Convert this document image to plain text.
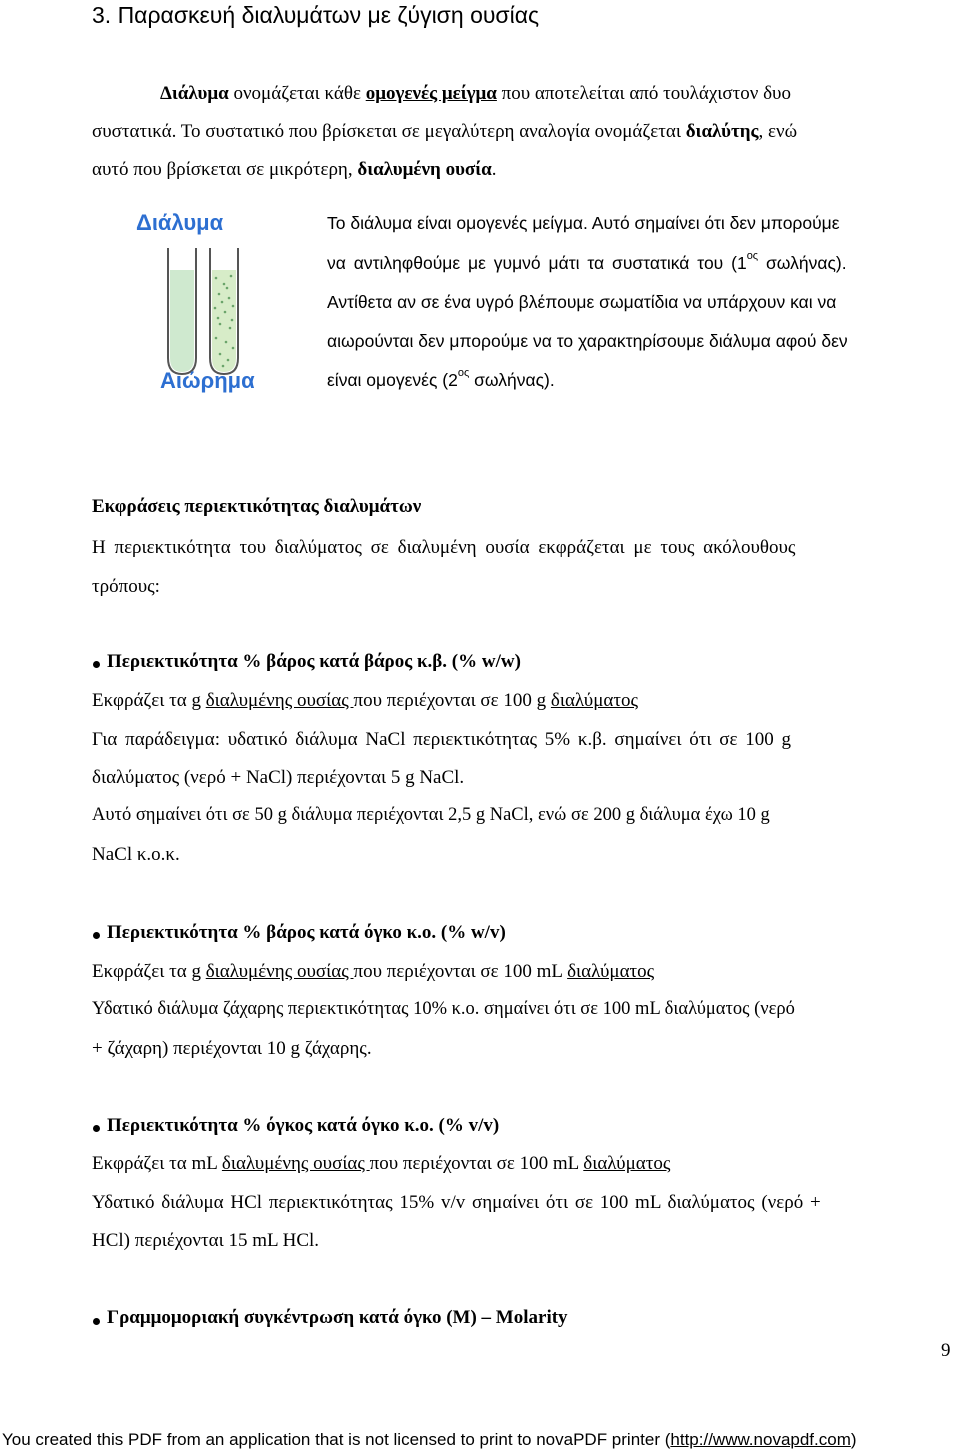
3. Παρασκευή διαλυμάτων με ζύγιση ουσίας
Διάλυμα ονομάζεται κάθε ομογενές μείγμα που αποτελείται από τουλάχιστον δυο
συστατικά. Το συστατικό που βρίσκεται σε μεγαλύτερη αναλογία ονομάζεται διαλύτης, ενώ
αυτό που βρίσκεται σε μικρότερη, διαλυμένη ουσία.
Διάλυμα
Αιώρημα
Το διάλυμα είναι ομογενές μείγμα. Αυτό σημαίνει ότι δεν μπορούμε
να αντιληφθούμε με γυμνό μάτι τα συστατικά του ($1^{o\varsigma}$ σωλήνας).
Αντίθετα αν σε ένα υγρό βλέπουμε σωματίδια να υπάρχουν και να
αιωρούνται δεν μπορούμε να το χαρακτηρίσουμε διάλυμα αφού δεν
είναι ομογενές ($2^{o\varsigma}$ σωλήνας).
Εκφράσεις περιεκτικότητας διαλυμάτων
Η περιεκτικότητα του διαλύματος σε διαλυμένη ουσία εκφράζεται με τους ακόλουθους
τρόπους:
Περιεκτικότητα % βάρος κατά βάρος κ.β. (% w/w)
Εκφράζει τα g διαλυμένης ουσίας που περιέχονται σε 100 g διαλύματος
Για παράδειγμα: υδατικό διάλυμα NaCl περιεκτικότητας 5% κ.β. σημαίνει ότι σε 100 g
διαλύματος (νερό + NaCl) περιέχονται 5 g NaCl.
Αυτό σημαίνει ότι σε 50 g διάλυμα περιέχονται 2,5 g NaCl, ενώ σε 200 g διάλυμα έχω 10 g
NaCl κ.ο.κ.
Περιεκτικότητα % βάρος κατά όγκο κ.ο. (% w/v)
Εκφράζει τα g διαλυμένης ουσίας που περιέχονται σε 100 mL διαλύματος
Υδατικό διάλυμα ζάχαρης περιεκτικότητας 10% κ.ο. σημαίνει ότι σε 100 mL διαλύματος (νερό
+ ζάχαρη) περιέχονται 10 g ζάχαρης.
Περιεκτικότητα % όγκος κατά όγκο κ.ο. (% v/v)
Εκφράζει τα mL διαλυμένης ουσίας που περιέχονται σε 100 mL διαλύματος
Υδατικό διάλυμα HCl περιεκτικότητας 15% v/v σημαίνει ότι σε 100 mL διαλύματος (νερό +
HCl) περιέχονται 15 mL HCl.
Γραμμομοριακή συγκέντρωση κατά όγκο (Μ) – Molarity
9
You created this PDF from an application that is not licensed to print to novaPDF printer (http://www.novapdf.com)
